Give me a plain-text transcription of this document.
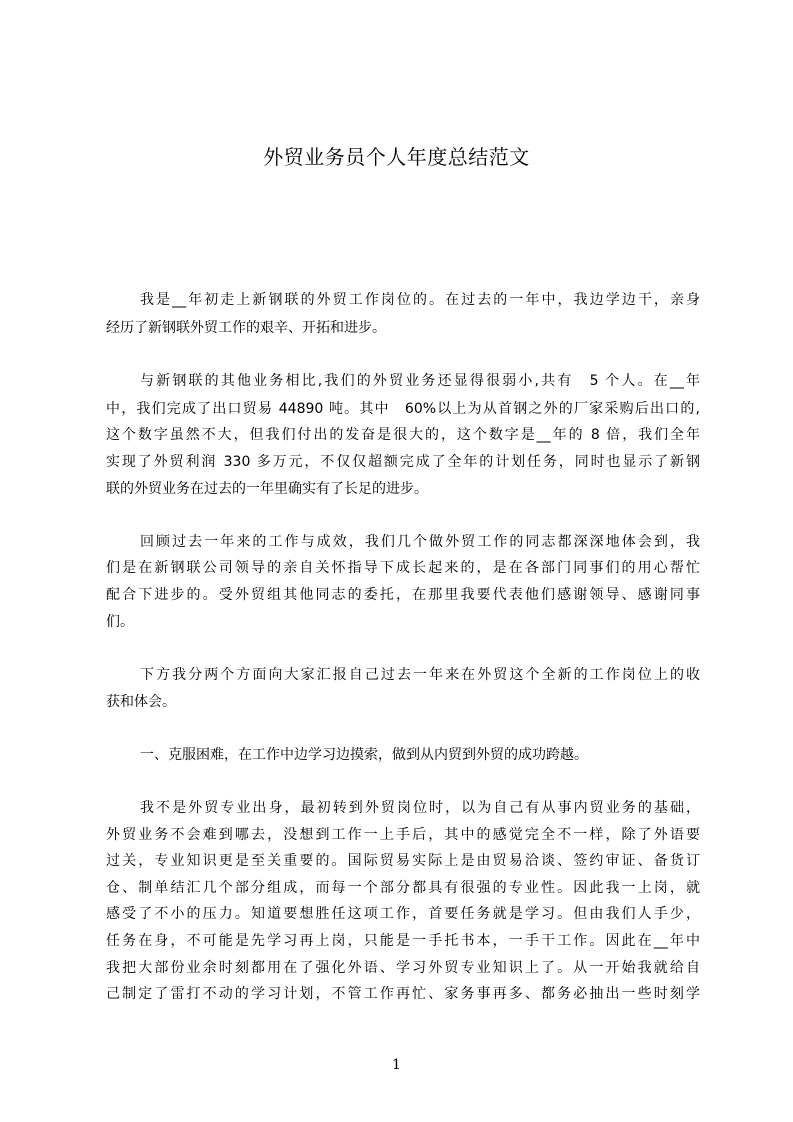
外贸业务员个人年度总结范文
我是__年初走上新钢联的外贸工作岗位的。在过去的一年中，我边学边干，亲身
经历了新钢联外贸工作的艰辛、开拓和进步。
与新钢联的其他业务相比,我们的外贸业务还显得很弱小,共有　5 个人。在__年
中，我们完成了出口贸易 44890 吨。其中　60%以上为从首钢之外的厂家采购后出口的,
这个数字虽然不大，但我们付出的发奋是很大的，这个数字是__年的 8 倍，我们全年
实现了外贸利润 330 多万元，不仅仅超额完成了全年的计划任务，同时也显示了新钢
联的外贸业务在过去的一年里确实有了长足的进步。
回顾过去一年来的工作与成效，我们几个做外贸工作的同志都深深地体会到，我
们是在新钢联公司领导的亲自关怀指导下成长起来的，是在各部门同事们的用心帮忙
配合下进步的。受外贸组其他同志的委托，在那里我要代表他们感谢领导、感谢同事
们。
下方我分两个方面向大家汇报自己过去一年来在外贸这个全新的工作岗位上的收
获和体会。
一、克服困难，在工作中边学习边摸索，做到从内贸到外贸的成功跨越。
我不是外贸专业出身，最初转到外贸岗位时，以为自己有从事内贸业务的基础，
外贸业务不会难到哪去，没想到工作一上手后，其中的感觉完全不一样，除了外语要
过关，专业知识更是至关重要的。国际贸易实际上是由贸易洽谈、签约审证、备货订
仓、制单结汇几个部分组成，而每一个部分都具有很强的专业性。因此我一上岗，就
感受了不小的压力。知道要想胜任这项工作，首要任务就是学习。但由我们人手少，
任务在身，不可能是先学习再上岗，只能是一手托书本，一手干工作。因此在__年中
我把大部份业余时刻都用在了强化外语、学习外贸专业知识上了。从一开始我就给自
己制定了雷打不动的学习计划，不管工作再忙、家务事再多、都务必抽出一些时刻学
1
